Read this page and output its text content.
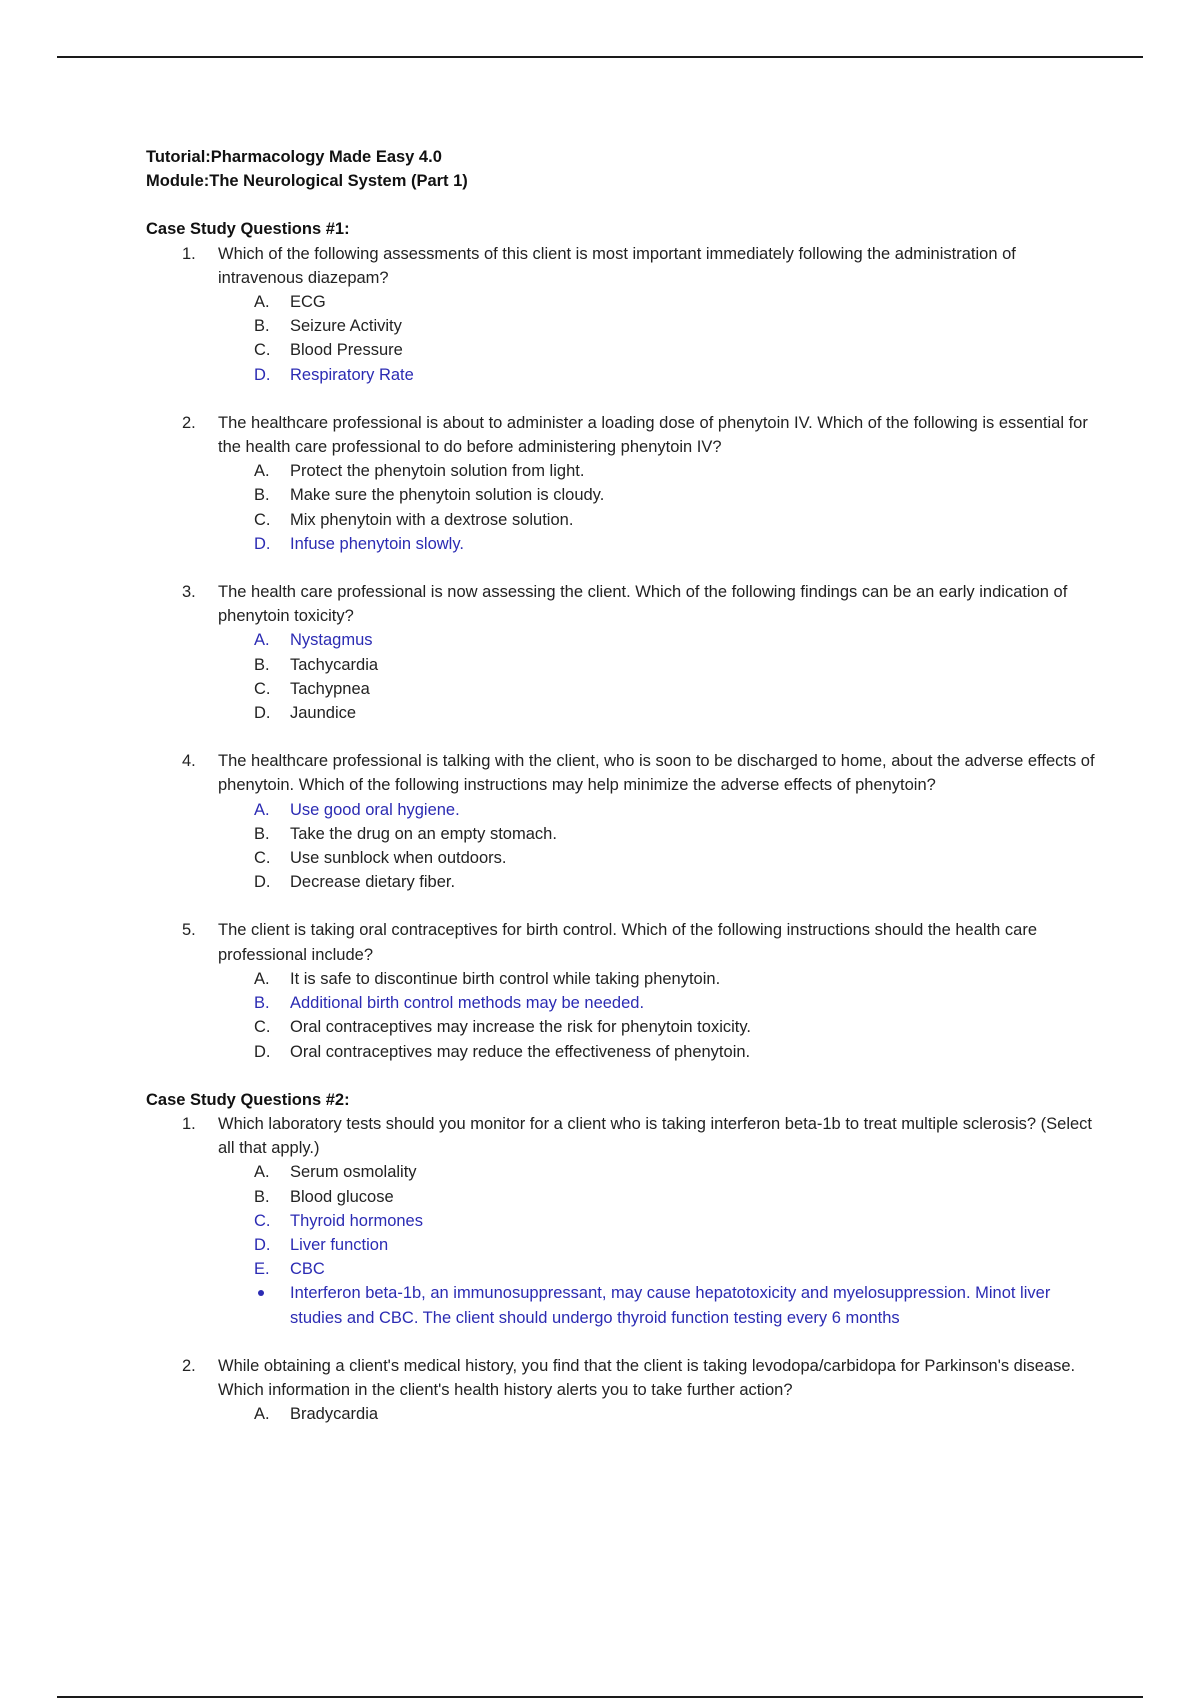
Tutorial:Pharmacology Made Easy 4.0
Module:The Neurological System (Part 1)
Case Study Questions #1:
1. Which of the following assessments of this client is most important immediately following the administration of intravenous diazepam?
A. ECG
B. Seizure Activity
C. Blood Pressure
D. Respiratory Rate
2. The healthcare professional is about to administer a loading dose of phenytoin IV. Which of the following is essential for the health care professional to do before administering phenytoin IV?
A. Protect the phenytoin solution from light.
B. Make sure the phenytoin solution is cloudy.
C. Mix phenytoin with a dextrose solution.
D. Infuse phenytoin slowly.
3. The health care professional is now assessing the client. Which of the following findings can be an early indication of phenytoin toxicity?
A. Nystagmus
B. Tachycardia
C. Tachypnea
D. Jaundice
4. The healthcare professional is talking with the client, who is soon to be discharged to home, about the adverse effects of phenytoin. Which of the following instructions may help minimize the adverse effects of phenytoin?
A. Use good oral hygiene.
B. Take the drug on an empty stomach.
C. Use sunblock when outdoors.
D. Decrease dietary fiber.
5. The client is taking oral contraceptives for birth control. Which of the following instructions should the health care professional include?
A. It is safe to discontinue birth control while taking phenytoin.
B. Additional birth control methods may be needed.
C. Oral contraceptives may increase the risk for phenytoin toxicity.
D. Oral contraceptives may reduce the effectiveness of phenytoin.
Case Study Questions #2:
1. Which laboratory tests should you monitor for a client who is taking interferon beta-1b to treat multiple sclerosis? (Select all that apply.)
A. Serum osmolality
B. Blood glucose
C. Thyroid hormones
D. Liver function
E. CBC
Interferon beta-1b, an immunosuppressant, may cause hepatotoxicity and myelosuppression. Minot liver studies and CBC. The client should undergo thyroid function testing every 6 months
2. While obtaining a client's medical history, you find that the client is taking levodopa/carbidopa for Parkinson's disease. Which information in the client's health history alerts you to take further action?
A. Bradycardia
